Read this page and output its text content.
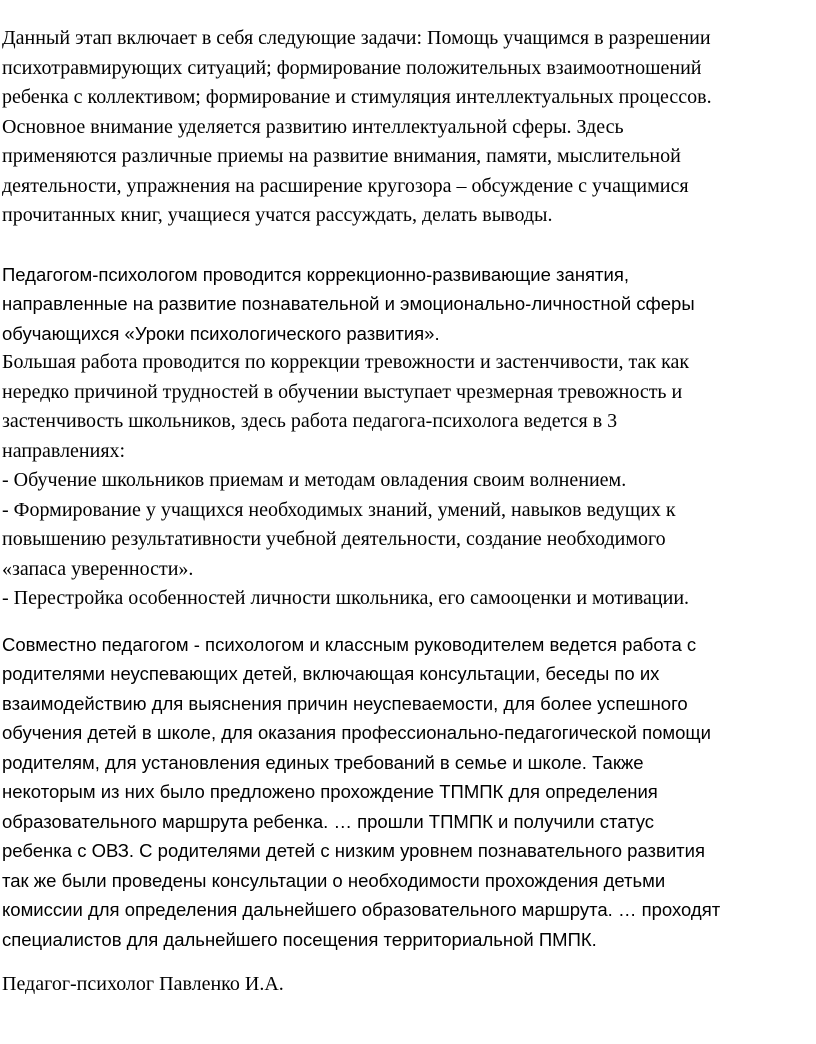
Данный этап включает в себя следующие задачи: Помощь учащимся в разрешении
психотравмирующих ситуаций; формирование положительных взаимоотношений
ребенка с коллективом; формирование и стимуляция интеллектуальных процессов.
Основное внимание уделяется развитию интеллектуальной сферы. Здесь
применяются различные приемы на развитие внимания, памяти, мыслительной
деятельности, упражнения на расширение кругозора – обсуждение с учащимися
прочитанных книг, учащиеся учатся рассуждать, делать выводы.

Педагогом-психологом проводится коррекционно-развивающие занятия,
направленные на развитие познавательной и эмоционально-личностной сферы
обучающихся «Уроки психологического развития».

Большая работа проводится по коррекции тревожности и застенчивости, так как
нередко причиной трудностей в обучении выступает чрезмерная тревожность и
застенчивость школьников, здесь работа педагога-психолога ведется в 3
направлениях:
- Обучение школьников приемам и методам овладения своим волнением.
- Формирование у учащихся необходимых знаний, умений, навыков ведущих к
повышению результативности учебной деятельности, создание необходимого
«запаса уверенности».
- Перестройка особенностей личности школьника, его самооценки и мотивации.

Совместно педагогом - психологом и классным руководителем ведется работа с
родителями неуспевающих детей, включающая консультации, беседы по их
взаимодействию для выяснения причин неуспеваемости, для более успешного
обучения детей в школе, для оказания профессионально-педагогической помощи
родителям, для установления единых требований в семье и школе. Также
некоторым из них было предложено прохождение ТПМПК для определения
образовательного маршрута ребенка. … прошли ТПМПК и получили статус
ребенка с ОВЗ. С родителями детей с низким уровнем познавательного развития
так же были проведены консультации о необходимости прохождения детьми
комиссии для определения дальнейшего образовательного маршрута. … проходят
специалистов для дальнейшего посещения территориальной ПМПК.

Педагог-психолог Павленко И.А.
